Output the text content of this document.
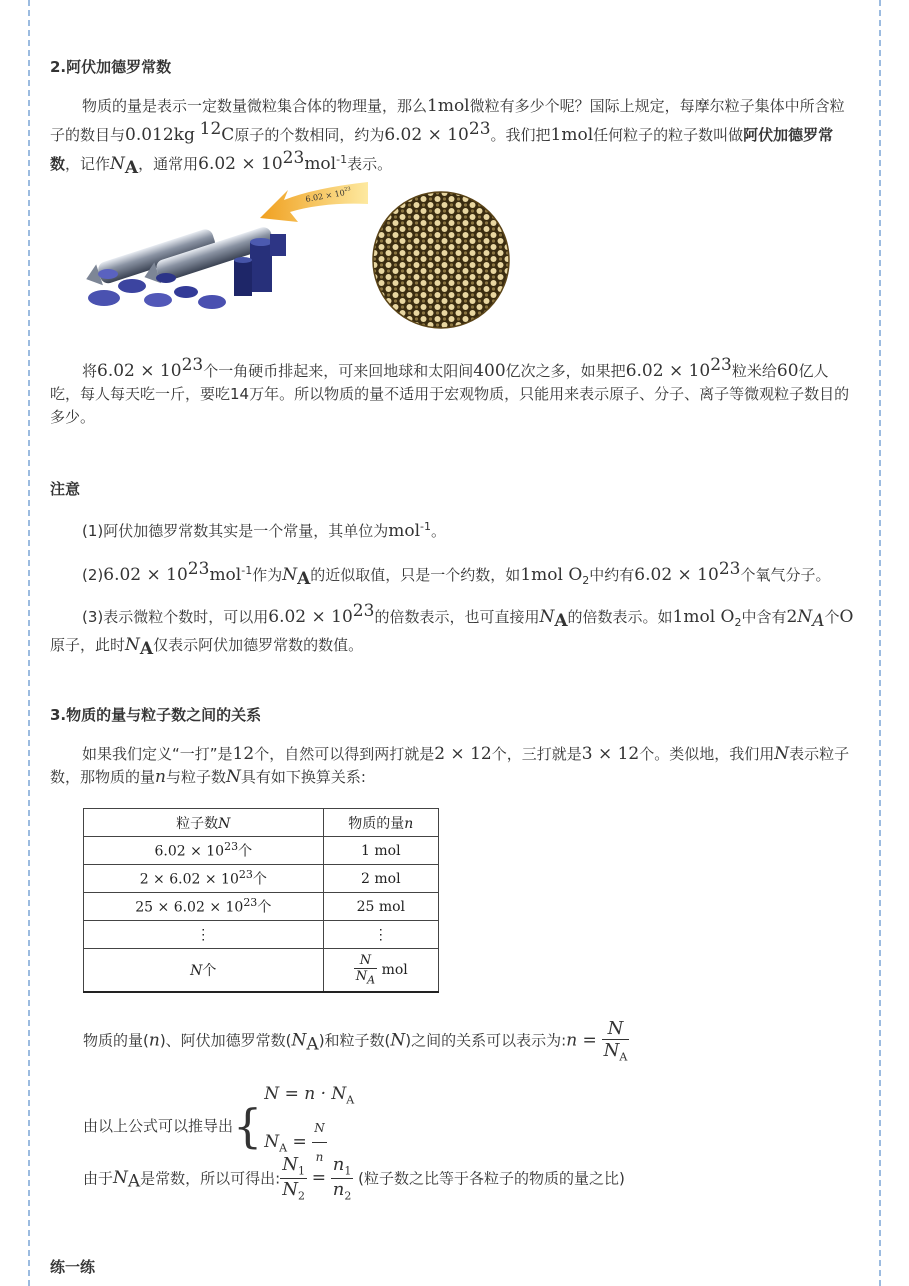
2.阿伏加德罗常数

物质的量是表示一定数量微粒集合体的物理量，那么1mol微粒有多少个呢？国际上规定，每摩尔粒子集体中所含粒子的数目与0.012kg $^{12}$C原子的个数相同，约为$6.02 \times 10^{23}$。我们把1mol任何粒子的粒子数叫做阿伏加德罗常数，记作$N_A$，通常用$6.02 \times 10^{23}mol^{-1}$表示。

$6.02 \times 10^{23}$

将$6.02 \times 10^{23}$个一角硬币排起来，可来回地球和太阳间400亿次之多，如果把$6.02 \times 10^{23}$粒米给60亿人吃，每人每天吃一斤，要吃14万年。所以物质的量不适用于宏观物质，只能用来表示原子、分子、离子等微观粒子数目的多少。

注意

(1)阿伏加德罗常数其实是一个常量，其单位为mol$^{-1}$。

$(2)6.02 \times 10^{23}mol^{-1}$作为$N_A$的近似取值，只是一个约数，如1mol $O_2$中约有$6.02 \times 10^{23}$个氧气分子。

(3)表示微粒个数时，可以用$6.02 \times 10^{23}$的倍数表示，也可直接用$N_A$的倍数表示。如1mol $O_2$中含有$2N_A$个O原子，此时$N_A$仅表示阿伏加德罗常数的数值。

3.物质的量与粒子数之间的关系

如果我们定义“一打”是12个，自然可以得到两打就是2 × 12个，三打就是3 × 12个。类似地，我们用N表示粒子数，那物质的量n与粒子数N具有如下换算关系:

粒子数N	物质的量n
$6.02 \times 10^{23}$个	1 mol
$2 \times 6.02 \times 10^{23}$个	2 mol
$25 \times 6.02 \times 10^{23}$个	25 mol
⋮	⋮
N个	$\frac{N}{N_A}$ mol
物质的量(n)、阿伏加德罗常数$(N_A)$和粒子数(N)之间的关系可以表示为:n = $\frac{N}{N_A}$
由以上公式可以推导出{
$N = n \cdot N_A$
$N_A = \frac{N}{n}$
由于$N_A$是常数，所以可得出: $\frac{N_1}{N_2} = \frac{n_1}{n_2}$ (粒子数之比等于各粒子的物质的量之比)
练一练
